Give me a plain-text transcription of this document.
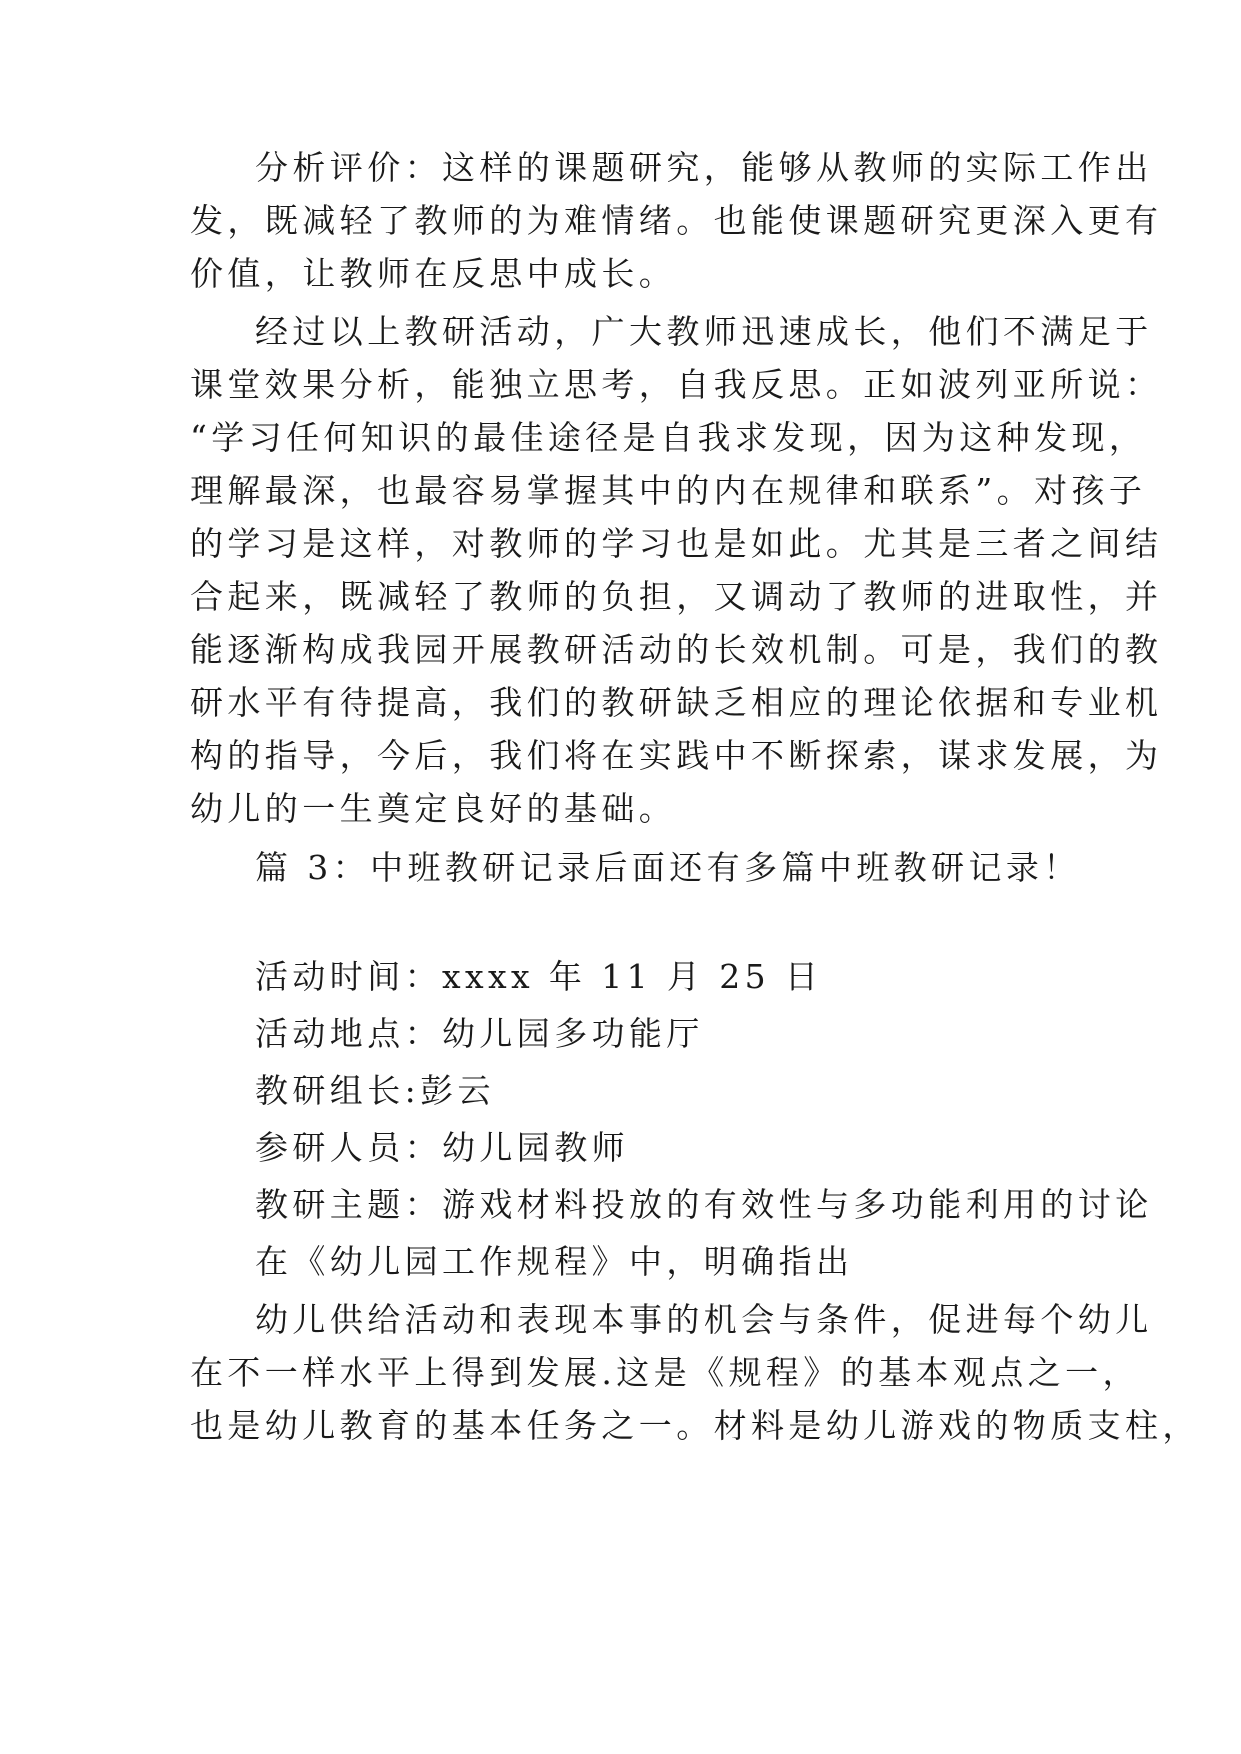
分析评价：这样的课题研究，能够从教师的实际工作出

发，既减轻了教师的为难情绪。也能使课题研究更深入更有

价值，让教师在反思中成长。

经过以上教研活动，广大教师迅速成长，他们不满足于

课堂效果分析，能独立思考，自我反思。正如波列亚所说：

“学习任何知识的最佳途径是自我求发现，因为这种发现，

理解最深，也最容易掌握其中的内在规律和联系”。对孩子

的学习是这样，对教师的学习也是如此。尤其是三者之间结

合起来，既减轻了教师的负担，又调动了教师的进取性，并

能逐渐构成我园开展教研活动的长效机制。可是，我们的教

研水平有待提高，我们的教研缺乏相应的理论依据和专业机

构的指导，今后，我们将在实践中不断探索，谋求发展，为

幼儿的一生奠定良好的基础。

篇 3：中班教研记录后面还有多篇中班教研记录！

活动时间：xxxx 年 11 月 25 日

活动地点：幼儿园多功能厅

教研组长:彭云

参研人员：幼儿园教师

教研主题：游戏材料投放的有效性与多功能利用的讨论

在《幼儿园工作规程》中，明确指出

幼儿供给活动和表现本事的机会与条件，促进每个幼儿

在不一样水平上得到发展.这是《规程》的基本观点之一，

也是幼儿教育的基本任务之一。材料是幼儿游戏的物质支柱，
